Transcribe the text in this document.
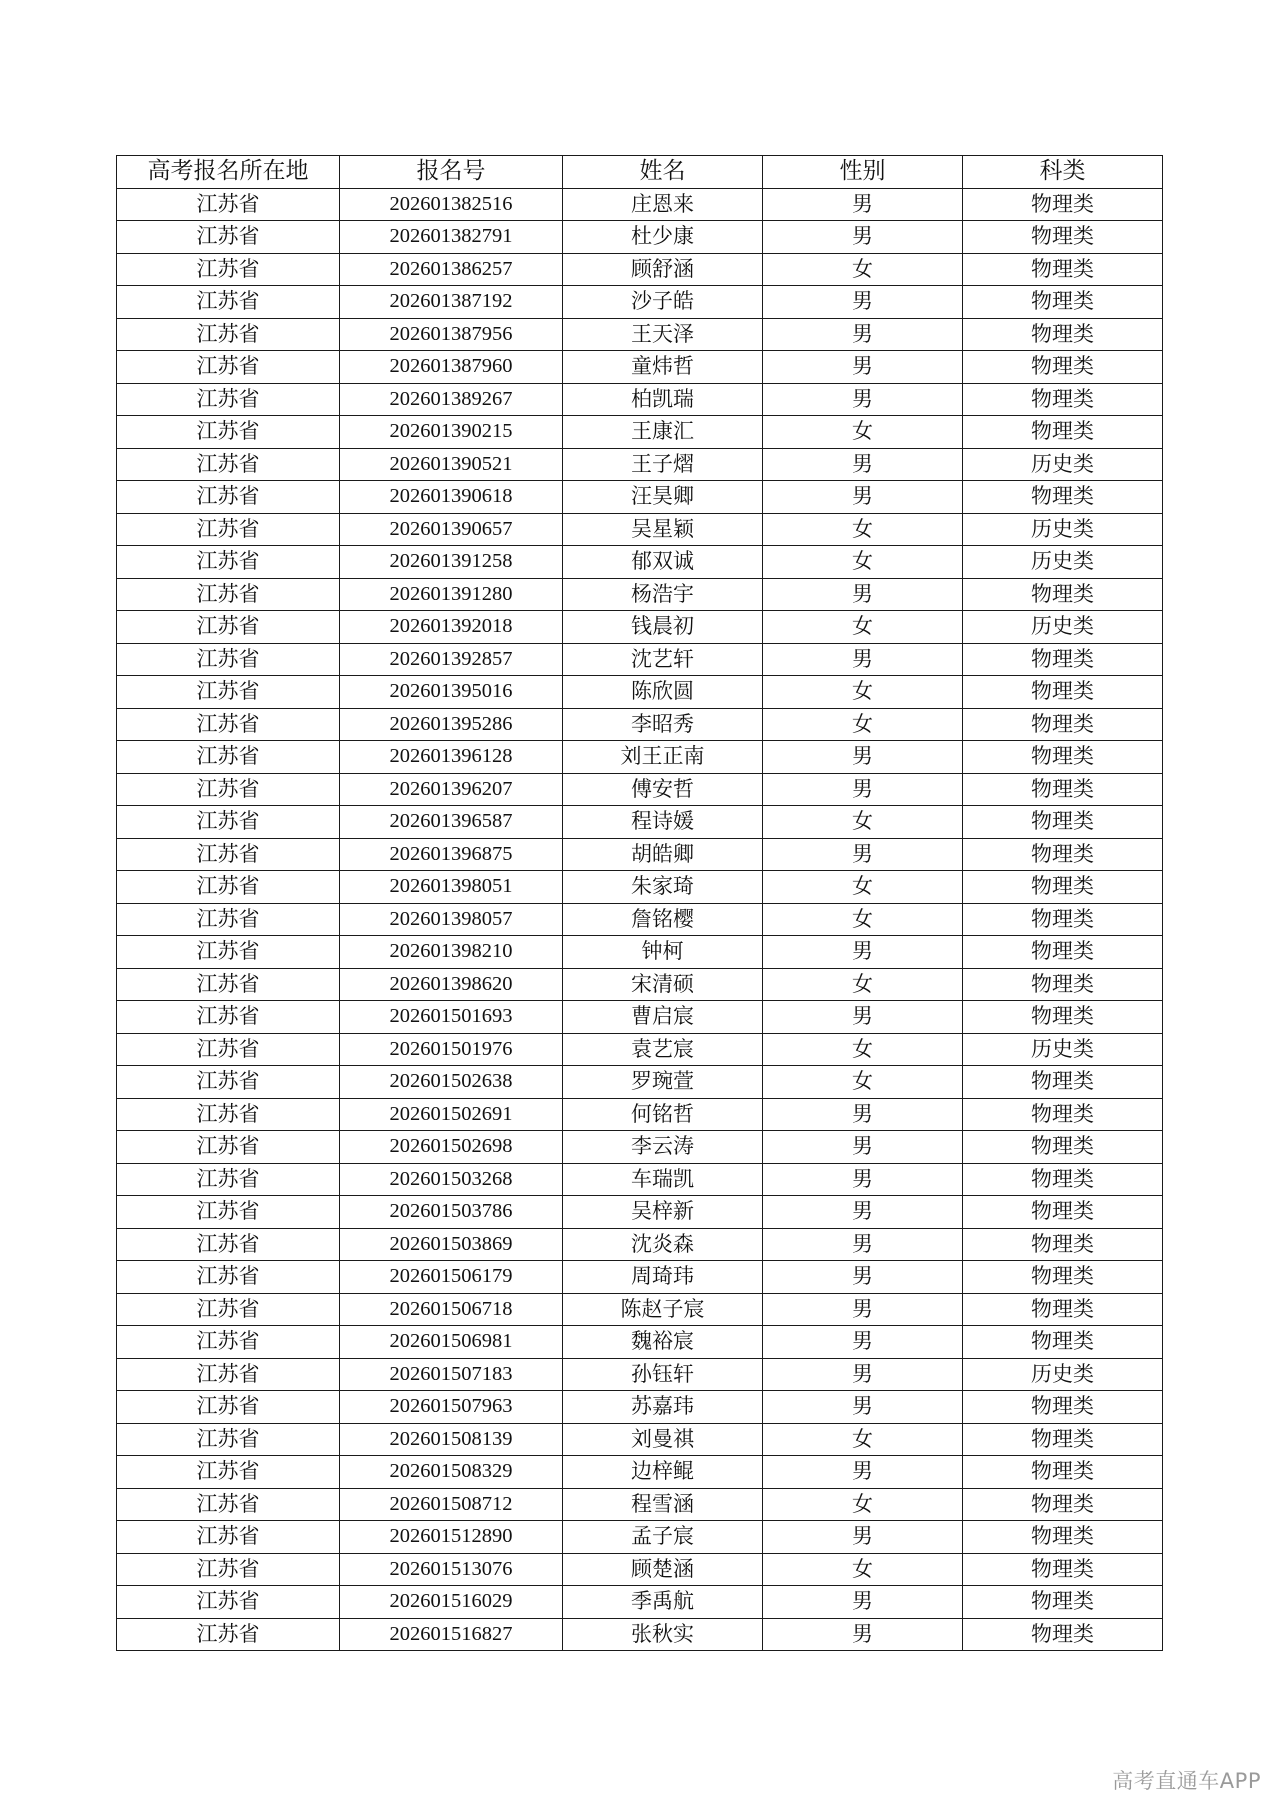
高考报名所在地	报名号	姓名	性别	科类
江苏省	202601382516	庄恩来	男	物理类
江苏省	202601382791	杜少康	男	物理类
江苏省	202601386257	顾舒涵	女	物理类
江苏省	202601387192	沙子皓	男	物理类
江苏省	202601387956	王天泽	男	物理类
江苏省	202601387960	童炜哲	男	物理类
江苏省	202601389267	柏凯瑞	男	物理类
江苏省	202601390215	王康汇	女	物理类
江苏省	202601390521	王子熠	男	历史类
江苏省	202601390618	汪昊卿	男	物理类
江苏省	202601390657	吴星颖	女	历史类
江苏省	202601391258	郁双诚	女	历史类
江苏省	202601391280	杨浩宇	男	物理类
江苏省	202601392018	钱晨初	女	历史类
江苏省	202601392857	沈艺轩	男	物理类
江苏省	202601395016	陈欣圆	女	物理类
江苏省	202601395286	李昭秀	女	物理类
江苏省	202601396128	刘王正南	男	物理类
江苏省	202601396207	傅安哲	男	物理类
江苏省	202601396587	程诗媛	女	物理类
江苏省	202601396875	胡皓卿	男	物理类
江苏省	202601398051	朱家琦	女	物理类
江苏省	202601398057	詹铭樱	女	物理类
江苏省	202601398210	钟柯	男	物理类
江苏省	202601398620	宋清硕	女	物理类
江苏省	202601501693	曹启宸	男	物理类
江苏省	202601501976	袁艺宸	女	历史类
江苏省	202601502638	罗琬萱	女	物理类
江苏省	202601502691	何铭哲	男	物理类
江苏省	202601502698	李云涛	男	物理类
江苏省	202601503268	车瑞凯	男	物理类
江苏省	202601503786	吴梓新	男	物理类
江苏省	202601503869	沈炎森	男	物理类
江苏省	202601506179	周琦玮	男	物理类
江苏省	202601506718	陈赵子宸	男	物理类
江苏省	202601506981	魏裕宸	男	物理类
江苏省	202601507183	孙钰轩	男	历史类
江苏省	202601507963	苏嘉玮	男	物理类
江苏省	202601508139	刘曼祺	女	物理类
江苏省	202601508329	边梓鲲	男	物理类
江苏省	202601508712	程雪涵	女	物理类
江苏省	202601512890	孟子宸	男	物理类
江苏省	202601513076	顾楚涵	女	物理类
江苏省	202601516029	季禹航	男	物理类
江苏省	202601516827	张秋实	男	物理类
高考直通车APP
